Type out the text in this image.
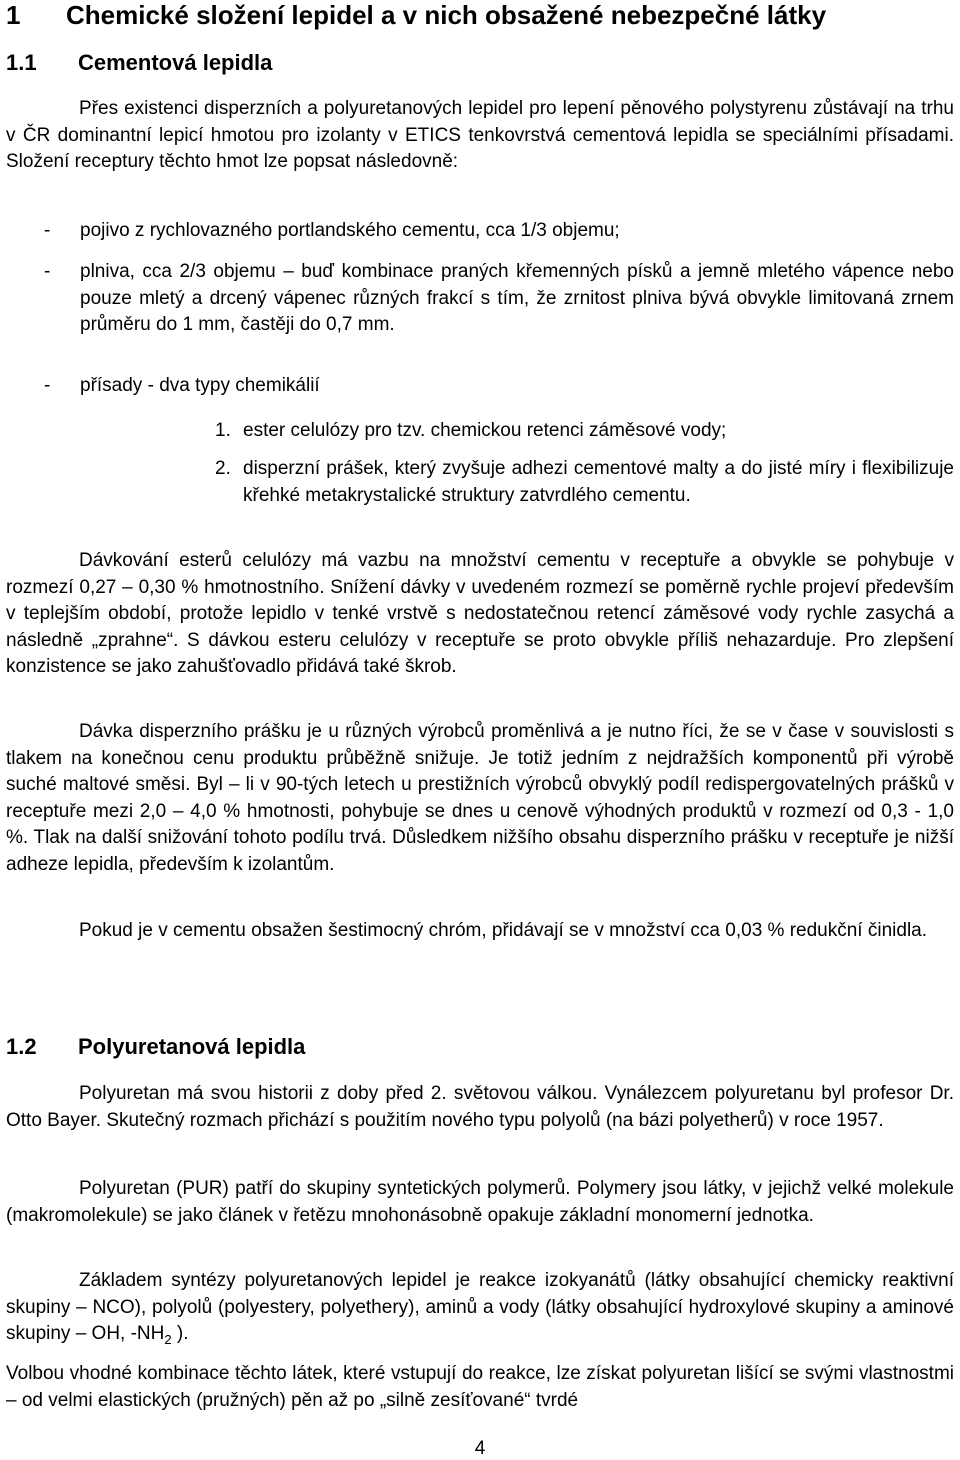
1 Chemické složení lepidel a v nich obsažené nebezpečné látky
1.1 Cementová lepidla
Přes existenci disperzních a polyuretanových lepidel pro lepení pěnového polystyrenu zůstávají na trhu v ČR dominantní lepicí hmotou pro izolanty v ETICS tenkovrstvá cementová lepidla se speciálními přísadami. Složení receptury těchto hmot lze popsat následovně:
- pojivo z rychlovazného portlandského cementu, cca 1/3 objemu;
- plniva, cca 2/3 objemu – buď kombinace praných křemenných písků a jemně mletého vápence nebo pouze mletý a drcený vápenec různých frakcí s tím, že zrnitost plniva bývá obvykle limitovaná zrnem průměru do 1 mm, častěji do 0,7 mm.
- přísady - dva typy chemikálií
1. ester celulózy pro tzv. chemickou retenci záměsové vody;
2. disperzní prášek, který zvyšuje adhezi cementové malty a do jisté míry i flexibilizuje křehké metakrystalické struktury zatvrdlého cementu.
Dávkování esterů celulózy má vazbu na množství cementu v receptuře a obvykle se pohybuje v rozmezí 0,27 – 0,30 % hmotnostního. Snížení dávky v uvedeném rozmezí se poměrně rychle projeví především v teplejším období, protože lepidlo v tenké vrstvě s nedostatečnou retencí záměsové vody rychle zasychá a následně „zprahne“. S dávkou esteru celulózy v receptuře se proto obvykle příliš nehazarduje. Pro zlepšení konzistence se jako zahušťovadlo přidává také škrob.
Dávka disperzního prášku je u různých výrobců proměnlivá a je nutno říci, že se v čase v souvislosti s tlakem na konečnou cenu produktu průběžně snižuje. Je totiž jedním z nejdražších komponentů při výrobě suché maltové směsi. Byl – li v 90-tých letech u prestižních výrobců obvyklý podíl redispergovatelných prášků v receptuře mezi 2,0 – 4,0 % hmotnosti, pohybuje se dnes u cenově výhodných produktů v rozmezí od 0,3 - 1,0 %. Tlak na další snižování tohoto podílu trvá. Důsledkem nižšího obsahu disperzního prášku v receptuře je nižší adheze lepidla, především k izolantům.
Pokud je v cementu obsažen šestimocný chróm, přidávají se v množství cca 0,03 % redukční činidla.
1.2 Polyuretanová lepidla
Polyuretan má svou historii z doby před 2. světovou válkou. Vynálezcem polyuretanu byl profesor Dr. Otto Bayer. Skutečný rozmach přichází s použitím nového typu polyolů (na bázi polyetherů) v roce 1957.
Polyuretan (PUR) patří do skupiny syntetických polymerů. Polymery jsou látky, v jejichž velké molekule (makromolekule) se jako článek v řetězu mnohonásobně opakuje základní monomerní jednotka.
Základem syntézy polyuretanových lepidel je reakce izokyanátů (látky obsahující chemicky reaktivní skupiny – NCO), polyolů (polyestery, polyethery), aminů a vody (látky obsahující hydroxylové skupiny a aminové skupiny – OH, $-NH_2$ ).
Volbou vhodné kombinace těchto látek, které vstupují do reakce, lze získat polyuretan lišící se svými vlastnostmi – od velmi elastických (pružných) pěn až po „silně zesíťované“ tvrdé
4
